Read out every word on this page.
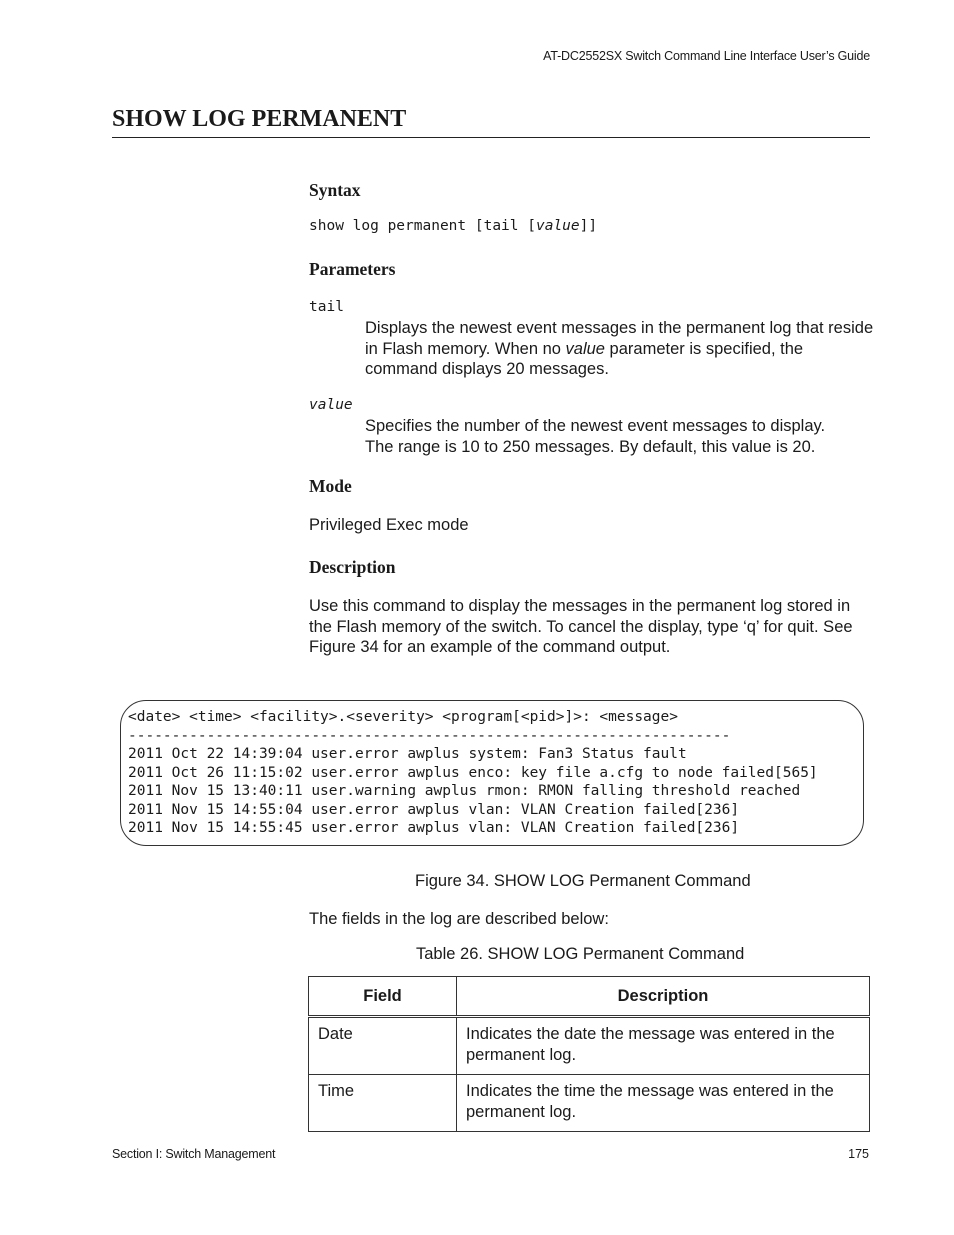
AT-DC2552SX Switch Command Line Interface User’s Guide
SHOW LOG PERMANENT
Syntax
show log permanent [tail [value]]
Parameters
tail
Displays the newest event messages in the permanent log that reside in Flash memory. When no value parameter is specified, the command displays 20 messages.
value
Specifies the number of the newest event messages to display. The range is 10 to 250 messages. By default, this value is 20.
Mode
Privileged Exec mode
Description
Use this command to display the messages in the permanent log stored in the Flash memory of the switch. To cancel the display, type ‘q’ for quit. See Figure 34 for an example of the command output.
<date> <time> <facility>.<severity> <program[<pid>]>: <message>
---------------------------------------------------------------------
2011 Oct 22 14:39:04 user.error awplus system: Fan3 Status fault
2011 Oct 26 11:15:02 user.error awplus enco: key file a.cfg to node failed[565]
2011 Nov 15 13:40:11 user.warning awplus rmon: RMON falling threshold reached
2011 Nov 15 14:55:04 user.error awplus vlan: VLAN Creation failed[236]
2011 Nov 15 14:55:45 user.error awplus vlan: VLAN Creation failed[236]
Figure 34. SHOW LOG Permanent Command
The fields in the log are described below:
Table 26. SHOW LOG Permanent Command
Field	Description
Date	Indicates the date the message was entered in the permanent log.
Time	Indicates the time the message was entered in the permanent log.
Section I: Switch Management	175
